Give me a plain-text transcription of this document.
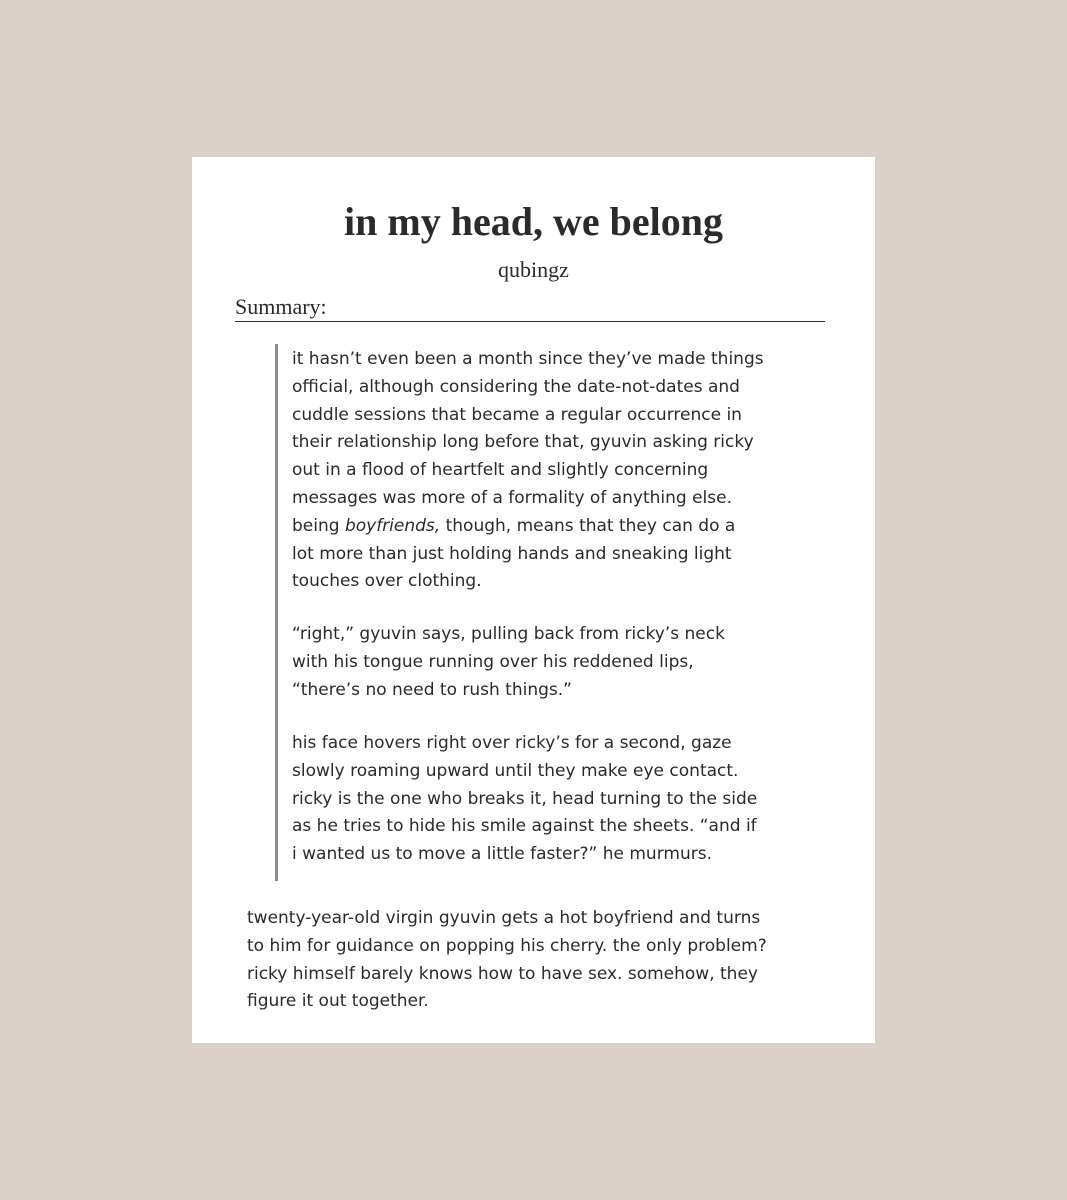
in my head, we belong
qubingz
Summary:

it hasn’t even been a month since they’ve made things
official, although considering the date-not-dates and
cuddle sessions that became a regular occurrence in
their relationship long before that, gyuvin asking ricky
out in a flood of heartfelt and slightly concerning
messages was more of a formality of anything else.
being boyfriends, though, means that they can do a
lot more than just holding hands and sneaking light
touches over clothing.

“right,” gyuvin says, pulling back from ricky’s neck
with his tongue running over his reddened lips,
“there’s no need to rush things.”

his face hovers right over ricky’s for a second, gaze
slowly roaming upward until they make eye contact.
ricky is the one who breaks it, head turning to the side
as he tries to hide his smile against the sheets. “and if
i wanted us to move a little faster?” he murmurs.

twenty-year-old virgin gyuvin gets a hot boyfriend and turns
to him for guidance on popping his cherry. the only problem?
ricky himself barely knows how to have sex. somehow, they
figure it out together.
